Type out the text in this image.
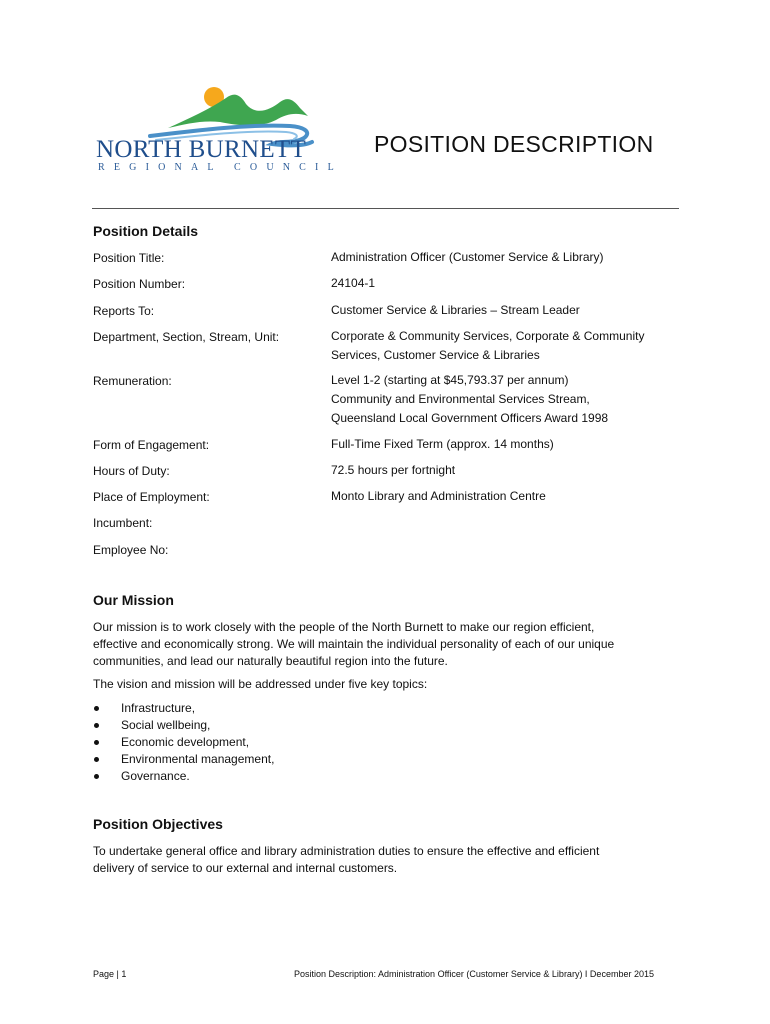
NORTH BURNETT
REGIONAL COUNCIL
POSITION DESCRIPTION
Position Details
Position Title:	Administration Officer (Customer Service & Library)
Position Number:	24104-1
Reports To:	Customer Service & Libraries – Stream Leader
Department, Section, Stream, Unit:	Corporate & Community Services, Corporate & Community
Services, Customer Service & Libraries
Remuneration:	Level 1-2 (starting at $45,793.37 per annum)
Community and Environmental Services Stream,
Queensland Local Government Officers Award 1998
Form of Engagement:	Full-Time Fixed Term (approx. 14 months)
Hours of Duty:	72.5 hours per fortnight
Place of Employment:	Monto Library and Administration Centre
Incumbent:
Employee No:
Our Mission
Our mission is to work closely with the people of the North Burnett to make our region efficient,
effective and economically strong. We will maintain the individual personality of each of our unique
communities, and lead our naturally beautiful region into the future.
The vision and mission will be addressed under five key topics:
Infrastructure,
Social wellbeing,
Economic development,
Environmental management,
Governance.
Position Objectives
To undertake general office and library administration duties to ensure the effective and efficient
delivery of service to our external and internal customers.
Page | 1	Position Description: Administration Officer (Customer Service & Library) I December 2015
